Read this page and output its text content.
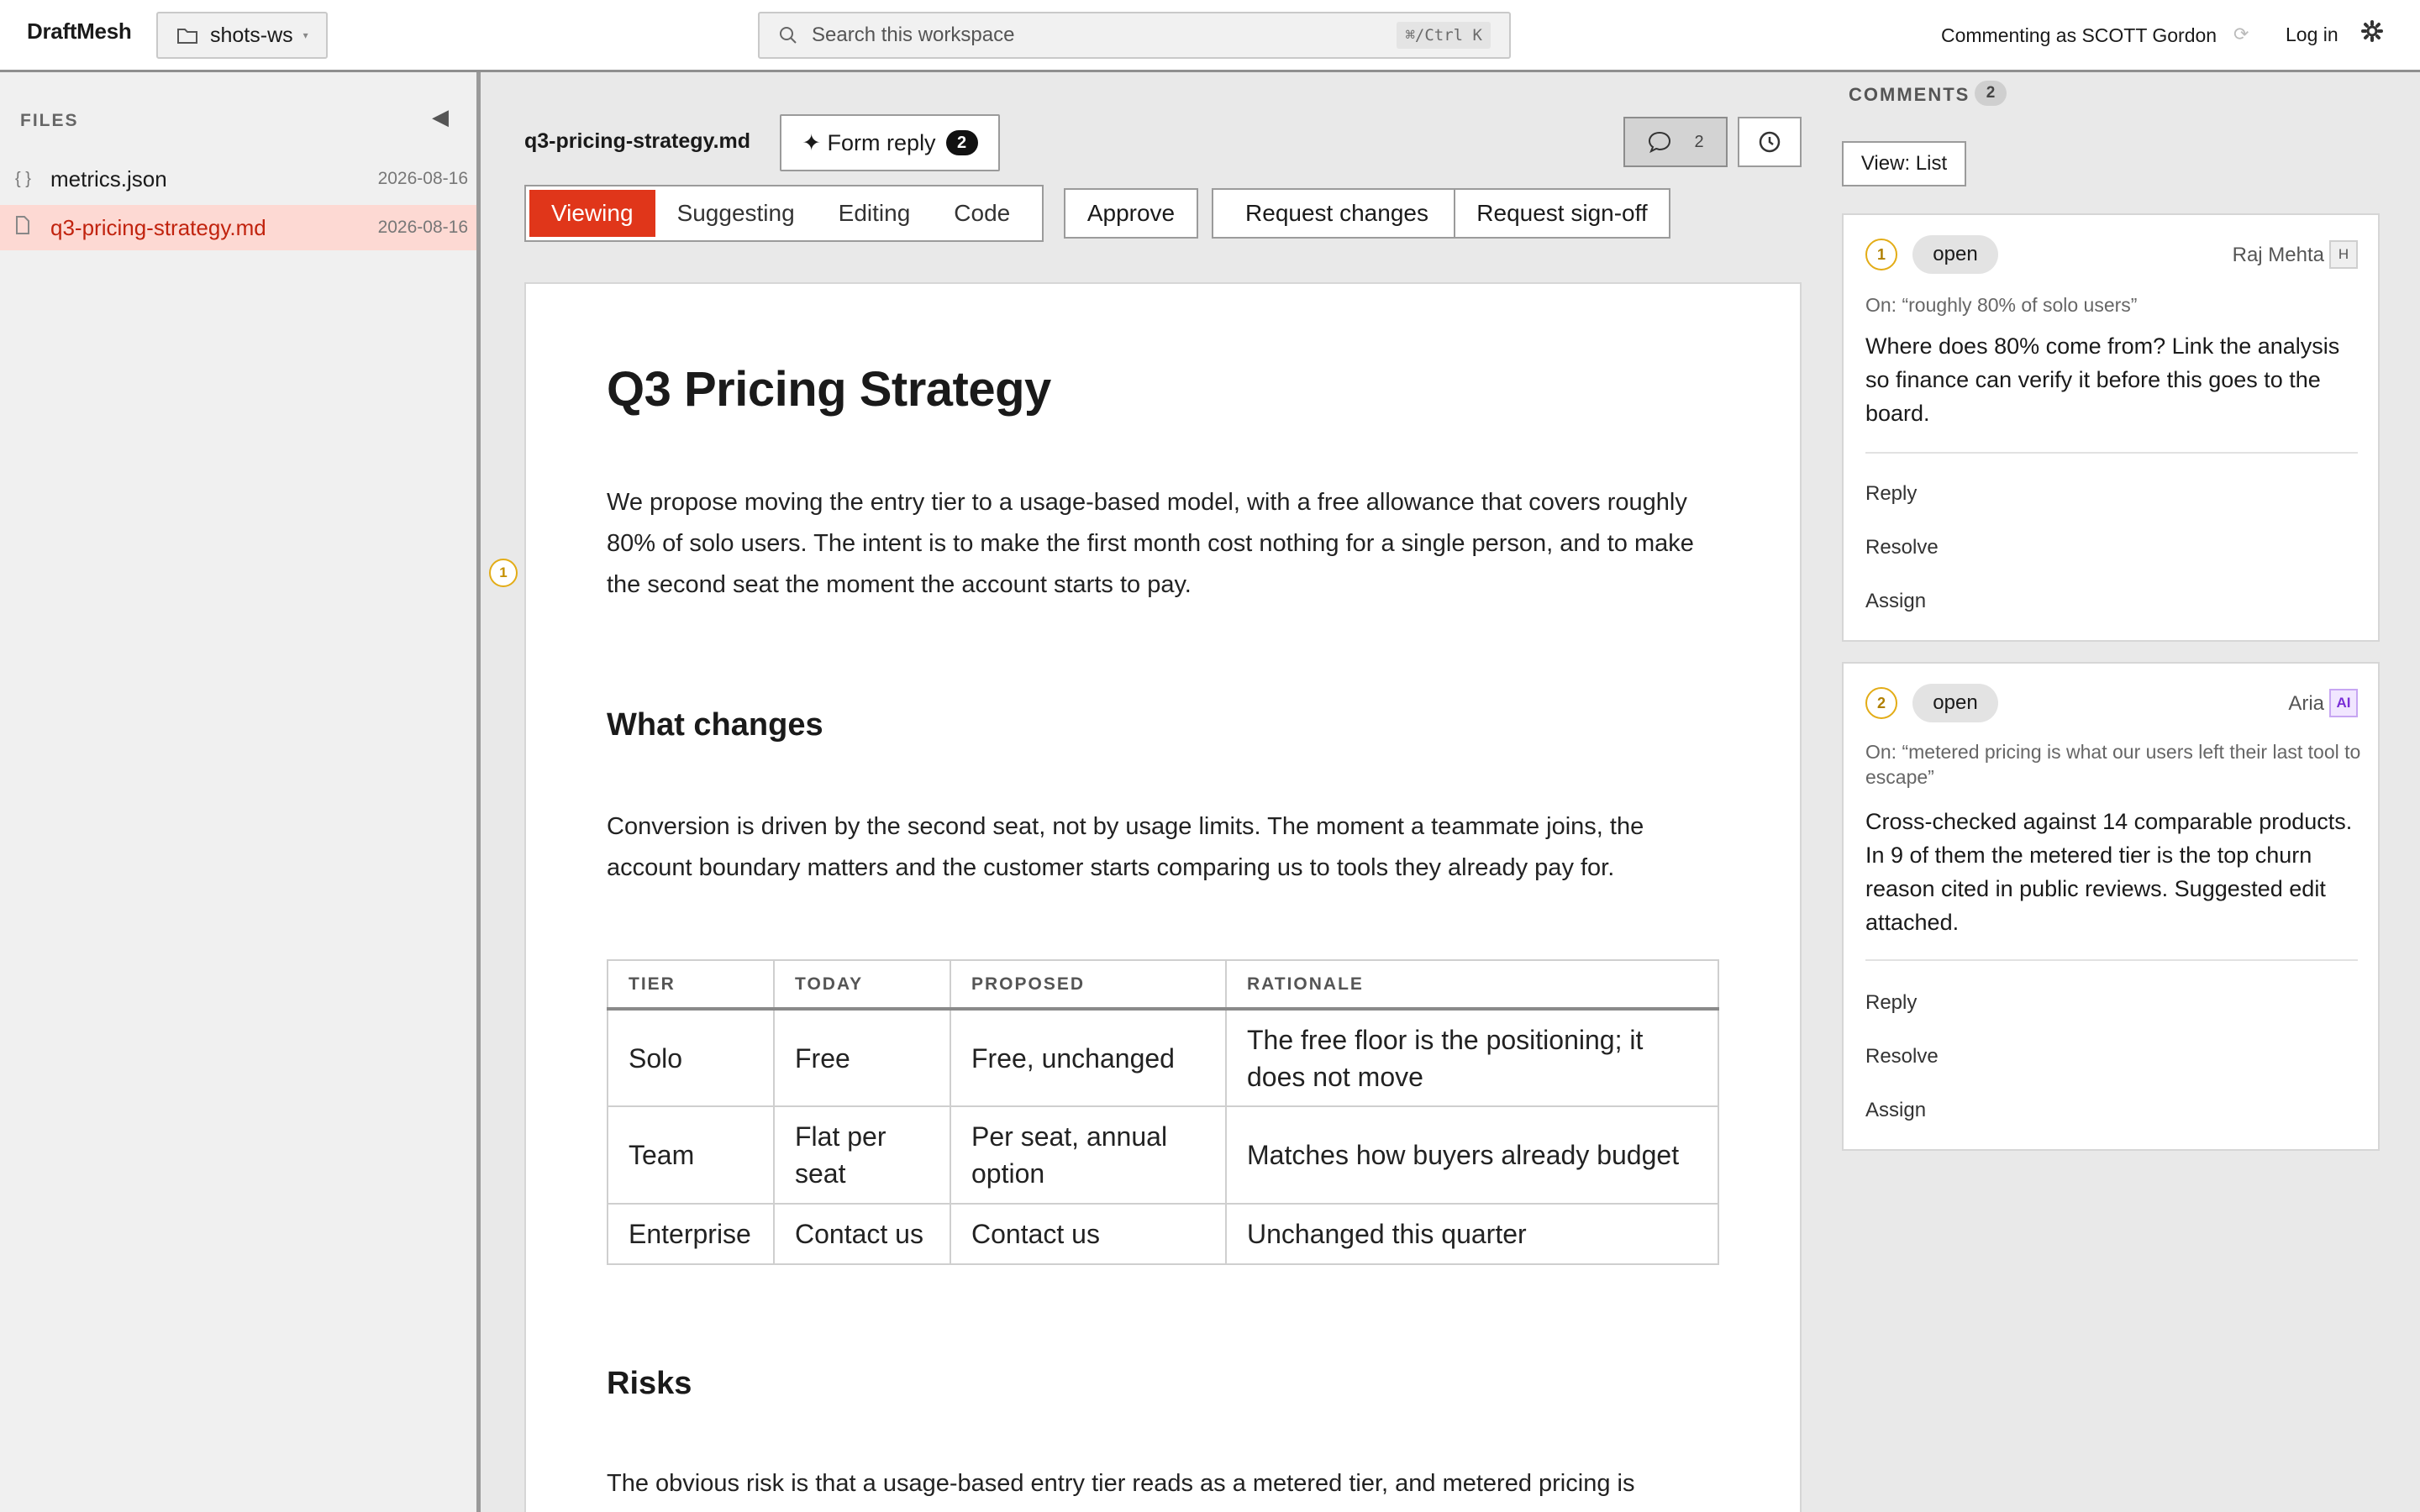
DraftMesh	shots-ws ▾	Search this workspace	⌘/Ctrl K	Commenting as SCOTT Gordon ⟳ Log in
FILES	◀
{ } metrics.json	2026-08-16
q3-pricing-strategy.md	2026-08-16
q3-pricing-strategy.md ✦ Form reply	2	2
Viewing	Suggesting	Editing	Code	Approve	Request changes	Request sign-off
1
Q3 Pricing Strategy

We propose moving the entry tier to a usage-based model, with a free allowance that covers roughly 80% of solo users. The intent is to make the first month cost nothing for a single person, and to make the second seat the moment the account starts to pay.

What changes

Conversion is driven by the second seat, not by usage limits. The moment a teammate joins, the account boundary matters and the customer starts comparing us to tools they already pay for.

TIER	TODAY	PROPOSED	RATIONALE
Solo	Free	Free, unchanged	The free floor is the positioning; it does not move
Team	Flat per seat	Per seat, annual option	Matches how buyers already budget
Enterprise	Contact us	Contact us	Unchanged this quarter
Risks

The obvious risk is that a usage-based entry tier reads as a metered tier, and metered pricing is

COMMENTS	2
View: List
1	open	Raj Mehta H
On: “roughly 80% of solo users”
Where does 80% come from? Link the analysis so finance can verify it before this goes to the board.
Reply
Resolve
Assign
2	open	Aria AI
On: “metered pricing is what our users left their last tool to escape”
Cross-checked against 14 comparable products. In 9 of them the metered tier is the top churn reason cited in public reviews. Suggested edit attached.
Reply
Resolve
Assign
